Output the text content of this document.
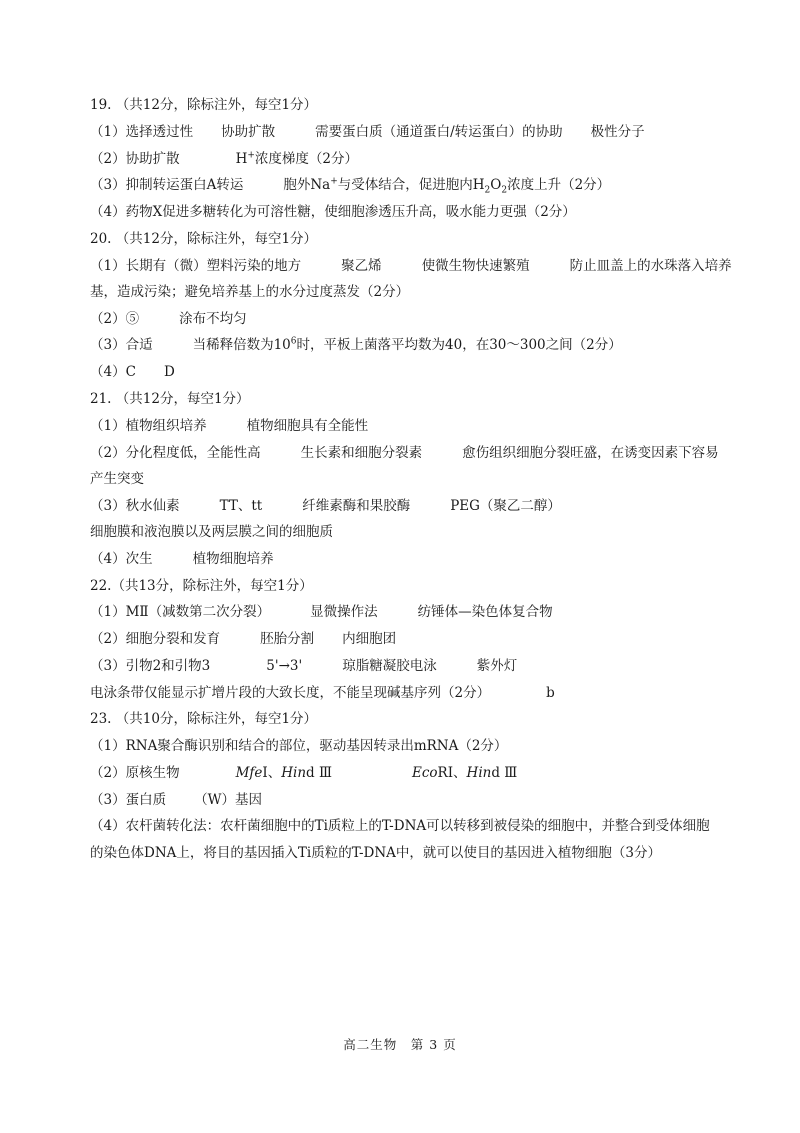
19. （共12分，除标注外，每空1分）
（1）选择透过性 协助扩散	需要蛋白质（通道蛋白/转运蛋白）的协助 极性分子
（2）协助扩散	H+浓度梯度（2分）
（3）抑制转运蛋白A转运	胞外Na+与受体结合，促进胞内$H_2O_2$浓度上升（2分）
（4）药物X促进多糖转化为可溶性糖，使细胞渗透压升高，吸水能力更强（2分）
20. （共12分，除标注外，每空1分）
（1）长期有（微）塑料污染的地方	聚乙烯	使微生物快速繁殖	防止皿盖上的水珠落入培养
基，造成污染；避免培养基上的水分过度蒸发（2分）
（2）⑤	涂布不均匀
（3）合适	当稀释倍数为$10^6$时，平板上菌落平均数为40，在30～300之间（2分）
（4）C D
21. （共12分，每空1分）
（1）植物组织培养	植物细胞具有全能性
（2）分化程度低，全能性高	生长素和细胞分裂素	愈伤组织细胞分裂旺盛，在诱变因素下容易
产生突变
（3）秋水仙素	TT、tt	纤维素酶和果胶酶	PEG（聚乙二醇）
细胞膜和液泡膜以及两层膜之间的细胞质
（4）次生	植物细胞培养
22.（共13分，除标注外，每空1分）
（1）MⅡ（减数第二次分裂）	显微操作法	纺锤体—染色体复合物
（2）细胞分裂和发育	胚胎分割 内细胞团
（3）引物2和引物3	5'→3'	琼脂糖凝胶电泳	紫外灯
电泳条带仅能显示扩增片段的大致长度，不能呈现碱基序列（2分）	b
23. （共10分，除标注外，每空1分）
（1）RNA聚合酶识别和结合的部位，驱动基因转录出mRNA（2分）
（2）原核生物	MfeⅠ、Hind Ⅲ	EcoRⅠ、Hind Ⅲ
（3）蛋白质 （W）基因
（4）农杆菌转化法：农杆菌细胞中的Ti质粒上的T-DNA可以转移到被侵染的细胞中，并整合到受体细胞
的染色体DNA上，将目的基因插入Ti质粒的T-DNA中，就可以使目的基因进入植物细胞（3分）
高二生物　第 3 页
